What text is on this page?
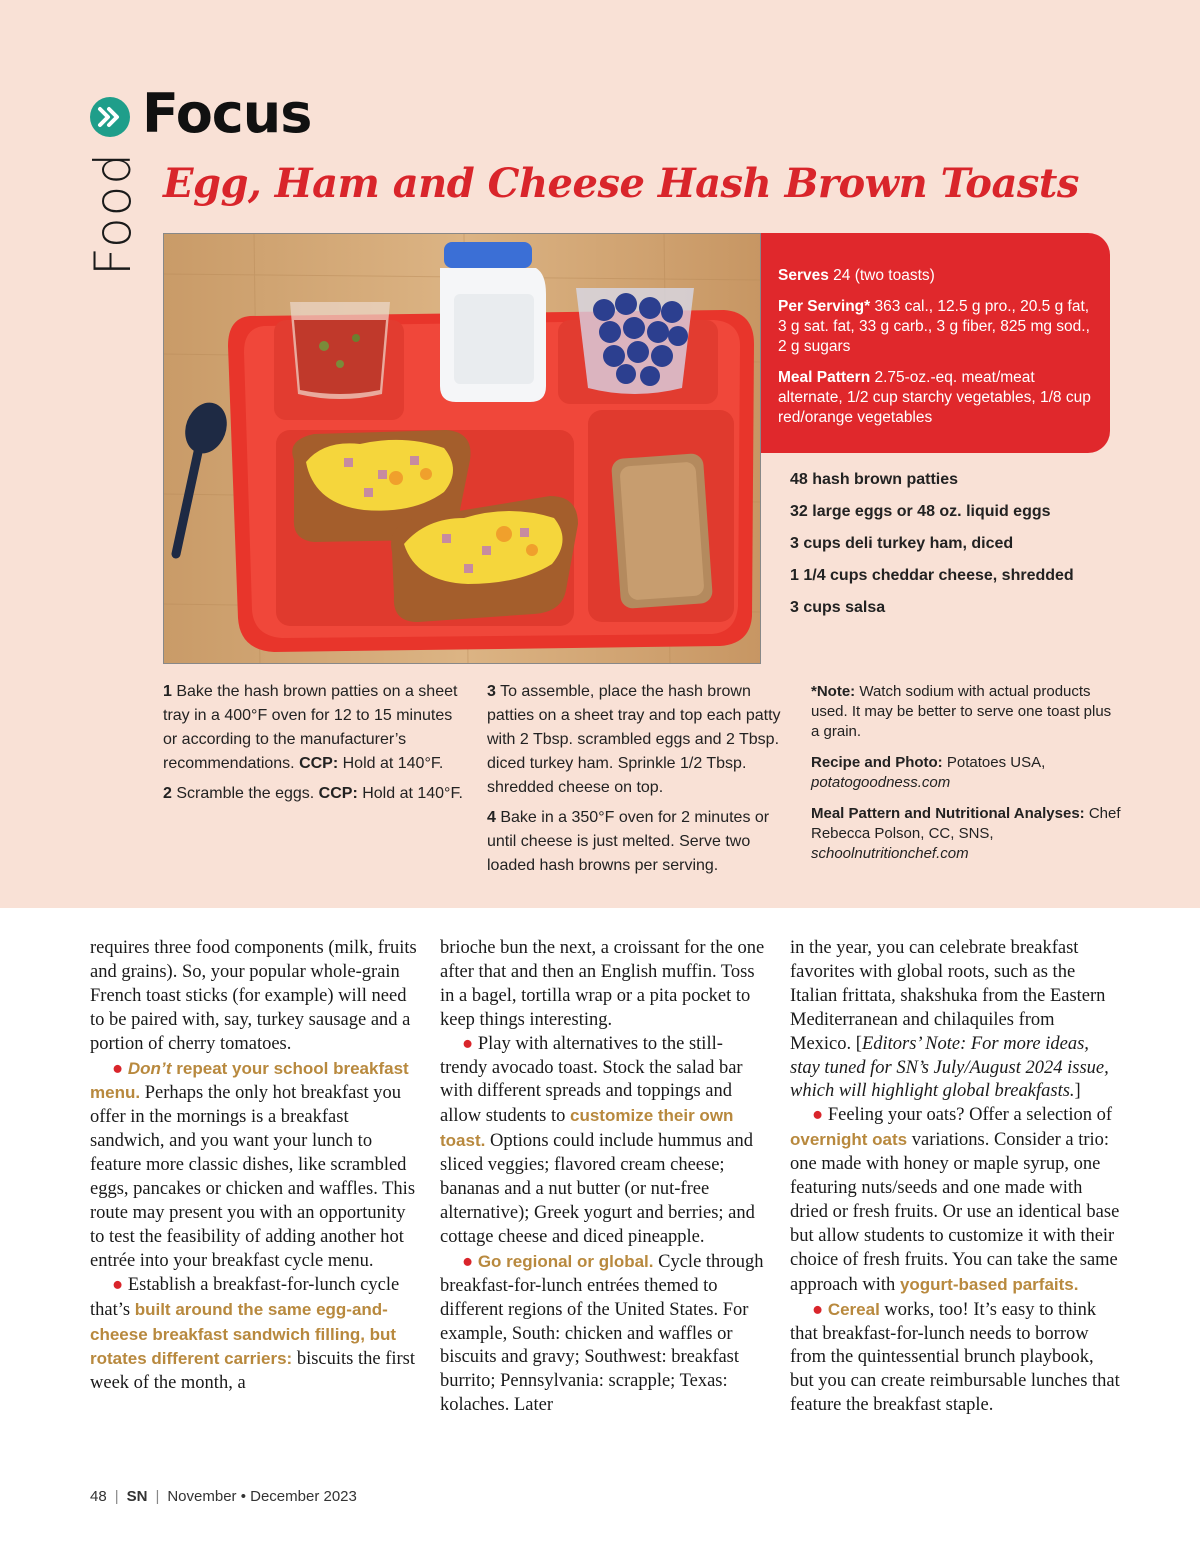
Food
Focus
Egg, Ham and Cheese Hash Brown Toasts

Serves 24 (two toasts)

Per Serving* 363 cal., 12.5 g pro., 20.5 g fat, 3 g sat. fat, 33 g carb., 3 g fiber, 825 mg sod., 2 g sugars

Meal Pattern 2.75-oz.-eq. meat/meat alternate, 1/2 cup starchy vegetables, 1/8 cup red/orange vegetables

48 hash brown patties
32 large eggs or 48 oz. liquid eggs
3 cups deli turkey ham, diced
1 1/4 cups cheddar cheese, shredded
3 cups salsa

1 Bake the hash brown patties on a sheet tray in a 400°F oven for 12 to 15 minutes or according to the manufacturer’s recommendations. CCP: Hold at 140°F.

2 Scramble the eggs. CCP: Hold at 140°F.

3 To assemble, place the hash brown patties on a sheet tray and top each patty with 2 Tbsp. scrambled eggs and 2 Tbsp. diced turkey ham. Sprinkle 1/2 Tbsp. shredded cheese on top.

4 Bake in a 350°F oven for 2 minutes or until cheese is just melted. Serve two loaded hash browns per serving.

*Note: Watch sodium with actual products used. It may be better to serve one toast plus a grain.

Recipe and Photo: Potatoes USA, potatogoodness.com

Meal Pattern and Nutritional Analyses: Chef Rebecca Polson, CC, SNS, schoolnutritionchef.com

requires three food components (milk, fruits and grains). So, your popular whole-grain French toast sticks (for example) will need to be paired with, say, turkey sausage and a portion of cherry tomatoes.

● Don’t repeat your school breakfast menu. Perhaps the only hot breakfast you offer in the mornings is a breakfast sandwich, and you want your lunch to feature more classic dishes, like scrambled eggs, pancakes or chicken and waffles. This route may present you with an opportunity to test the feasibility of adding another hot entrée into your breakfast cycle menu.

● Establish a breakfast-for-lunch cycle that’s built around the same egg-and-cheese breakfast sandwich filling, but rotates different carriers: biscuits the first week of the month, a

brioche bun the next, a croissant for the one after that and then an English muffin. Toss in a bagel, tortilla wrap or a pita pocket to keep things interesting.

● Play with alternatives to the still-trendy avocado toast. Stock the salad bar with different spreads and toppings and allow students to customize their own toast. Options could include hummus and sliced veggies; flavored cream cheese; bananas and a nut butter (or nut-free alternative); Greek yogurt and berries; and cottage cheese and diced pineapple.

● Go regional or global. Cycle through breakfast-for-lunch entrées themed to different regions of the United States. For example, South: chicken and waffles or biscuits and gravy; Southwest: breakfast burrito; Pennsylvania: scrapple; Texas: kolaches. Later

in the year, you can celebrate breakfast favorites with global roots, such as the Italian frittata, shakshuka from the Eastern Mediterranean and chilaquiles from Mexico. [Editors’ Note: For more ideas, stay tuned for SN’s July/August 2024 issue, which will highlight global breakfasts.]

● Feeling your oats? Offer a selection of overnight oats variations. Consider a trio: one made with honey or maple syrup, one featuring nuts/seeds and one made with dried or fresh fruits. Or use an identical base but allow students to customize it with their choice of fresh fruits. You can take the same approach with yogurt-based parfaits.

● Cereal works, too! It’s easy to think that breakfast-for-lunch needs to borrow from the quintessential brunch playbook, but you can create reimbursable lunches that feature the breakfast staple.

48 | SN | November • December 2023
